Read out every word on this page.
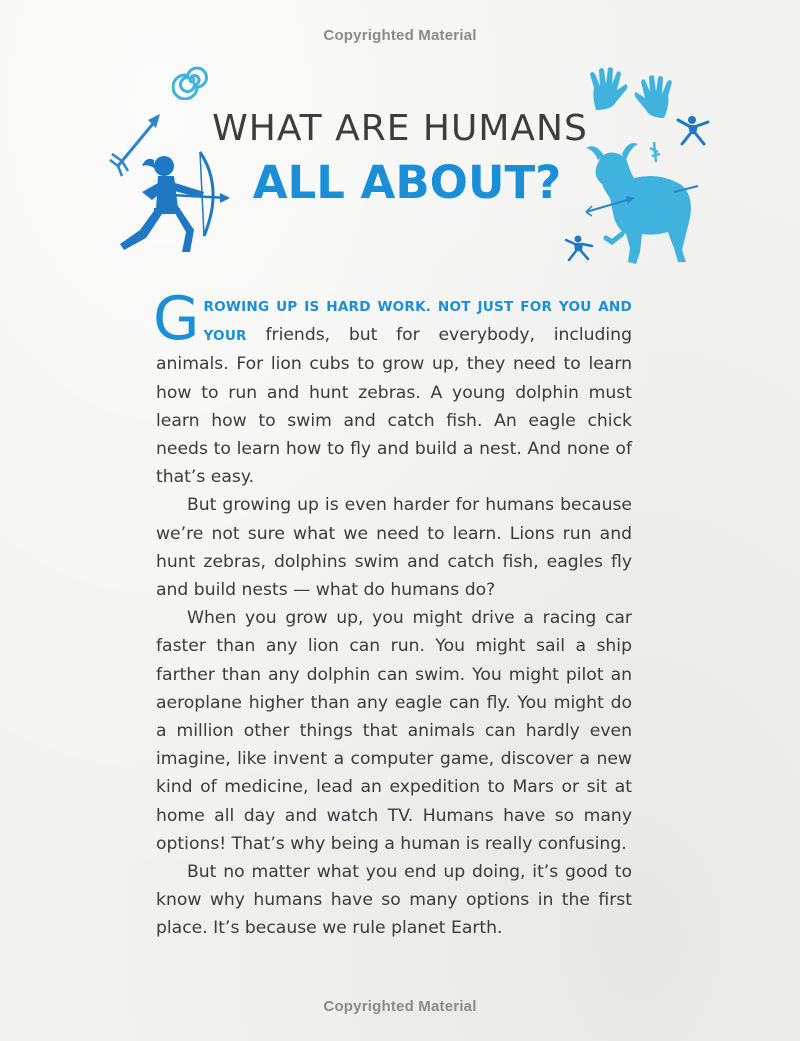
Copyrighted Material
WHAT ARE HUMANS
ALL ABOUT?

GROWING UP IS HARD WORK. NOT JUST FOR YOU AND YOUR friends, but for everybody, including animals. For lion cubs to grow up, they need to learn how to run and hunt zebras. A young dolphin must learn how to swim and catch fish. An eagle chick needs to learn how to fly and build a nest. And none of that’s easy.

But growing up is even harder for humans because we’re not sure what we need to learn. Lions run and hunt zebras, dolphins swim and catch fish, eagles fly and build nests — what do humans do?

When you grow up, you might drive a racing car faster than any lion can run. You might sail a ship farther than any dolphin can swim. You might pilot an aeroplane higher than any eagle can fly. You might do a million other things that animals can hardly even imagine, like invent a computer game, discover a new kind of medicine, lead an expedition to Mars or sit at home all day and watch TV. Humans have so many options! That’s why being a human is really confusing.

But no matter what you end up doing, it’s good to know why humans have so many options in the first place. It’s because we rule planet Earth.

Copyrighted Material
